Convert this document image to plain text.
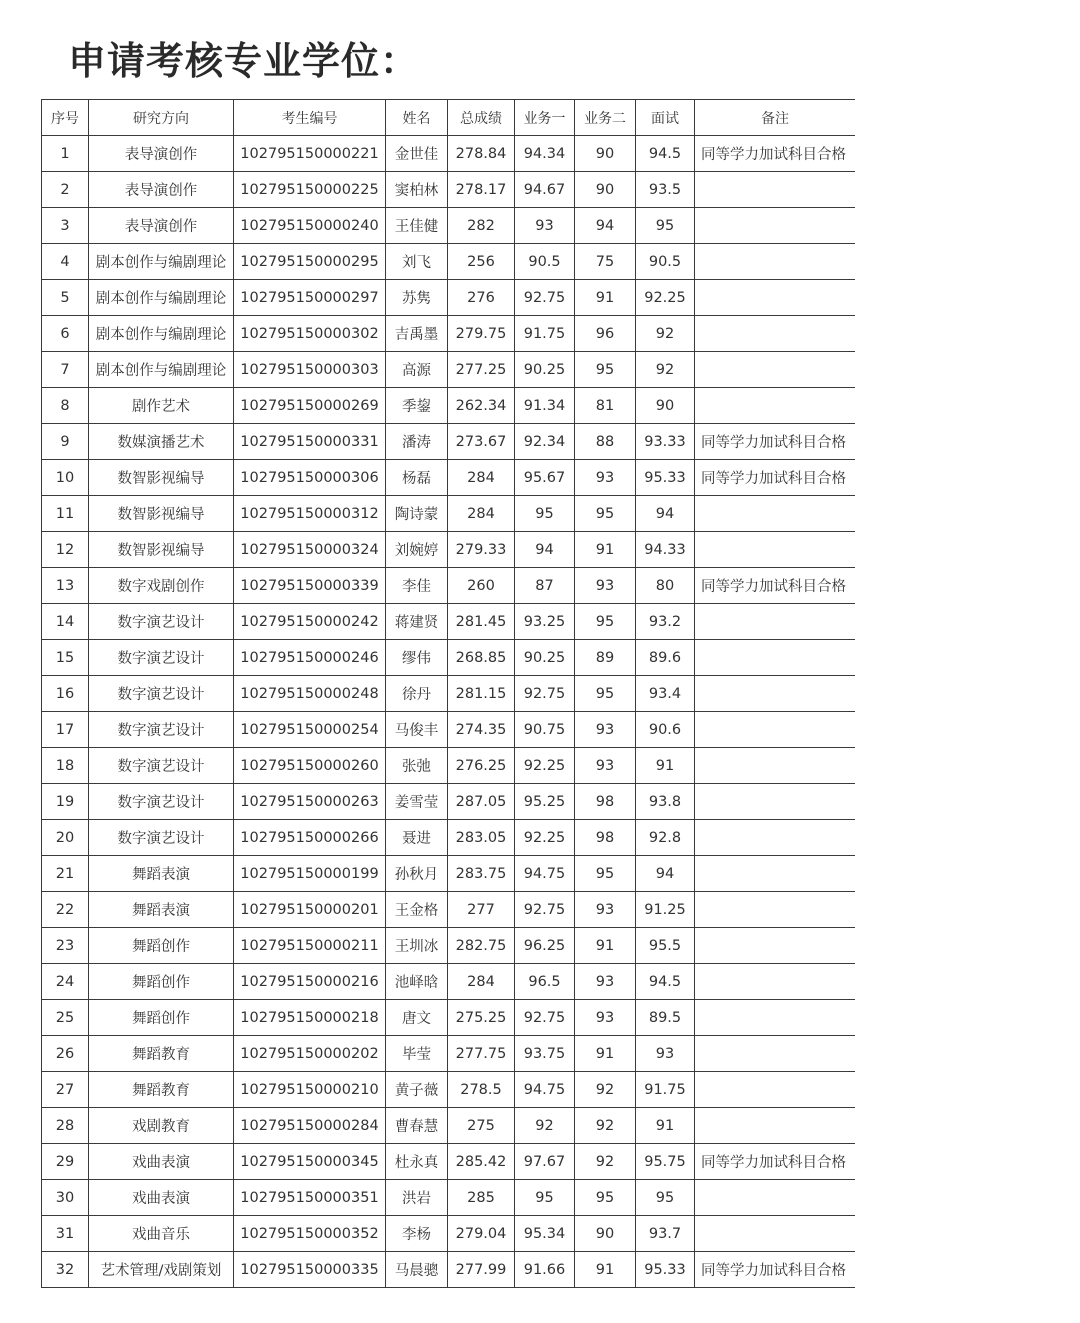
申请考核专业学位：
序号	研究方向	考生编号	姓名	总成绩	业务一	业务二	面试	备注
1	表导演创作	102795150000221	金世佳	278.84	94.34	90	94.5	同等学力加试科目合格
2	表导演创作	102795150000225	窦柏林	278.17	94.67	90	93.5	
3	表导演创作	102795150000240	王佳健	282	93	94	95	
4	剧本创作与编剧理论	102795150000295	刘飞	256	90.5	75	90.5	
5	剧本创作与编剧理论	102795150000297	苏隽	276	92.75	91	92.25	
6	剧本创作与编剧理论	102795150000302	吉禹墨	279.75	91.75	96	92	
7	剧本创作与编剧理论	102795150000303	高源	277.25	90.25	95	92	
8	剧作艺术	102795150000269	季鋆	262.34	91.34	81	90	
9	数媒演播艺术	102795150000331	潘涛	273.67	92.34	88	93.33	同等学力加试科目合格
10	数智影视编导	102795150000306	杨磊	284	95.67	93	95.33	同等学力加试科目合格
11	数智影视编导	102795150000312	陶诗蒙	284	95	95	94	
12	数智影视编导	102795150000324	刘婉婷	279.33	94	91	94.33	
13	数字戏剧创作	102795150000339	李佳	260	87	93	80	同等学力加试科目合格
14	数字演艺设计	102795150000242	蒋建贤	281.45	93.25	95	93.2	
15	数字演艺设计	102795150000246	缪伟	268.85	90.25	89	89.6	
16	数字演艺设计	102795150000248	徐丹	281.15	92.75	95	93.4	
17	数字演艺设计	102795150000254	马俊丰	274.35	90.75	93	90.6	
18	数字演艺设计	102795150000260	张弛	276.25	92.25	93	91	
19	数字演艺设计	102795150000263	姜雪莹	287.05	95.25	98	93.8	
20	数字演艺设计	102795150000266	聂进	283.05	92.25	98	92.8	
21	舞蹈表演	102795150000199	孙秋月	283.75	94.75	95	94	
22	舞蹈表演	102795150000201	王金格	277	92.75	93	91.25	
23	舞蹈创作	102795150000211	王圳冰	282.75	96.25	91	95.5	
24	舞蹈创作	102795150000216	池峄晗	284	96.5	93	94.5	
25	舞蹈创作	102795150000218	唐文	275.25	92.75	93	89.5	
26	舞蹈教育	102795150000202	毕莹	277.75	93.75	91	93	
27	舞蹈教育	102795150000210	黄子薇	278.5	94.75	92	91.75	
28	戏剧教育	102795150000284	曹春慧	275	92	92	91	
29	戏曲表演	102795150000345	杜永真	285.42	97.67	92	95.75	同等学力加试科目合格
30	戏曲表演	102795150000351	洪岩	285	95	95	95	
31	戏曲音乐	102795150000352	李杨	279.04	95.34	90	93.7	
32	艺术管理/戏剧策划	102795150000335	马晨骢	277.99	91.66	91	95.33	同等学力加试科目合格
